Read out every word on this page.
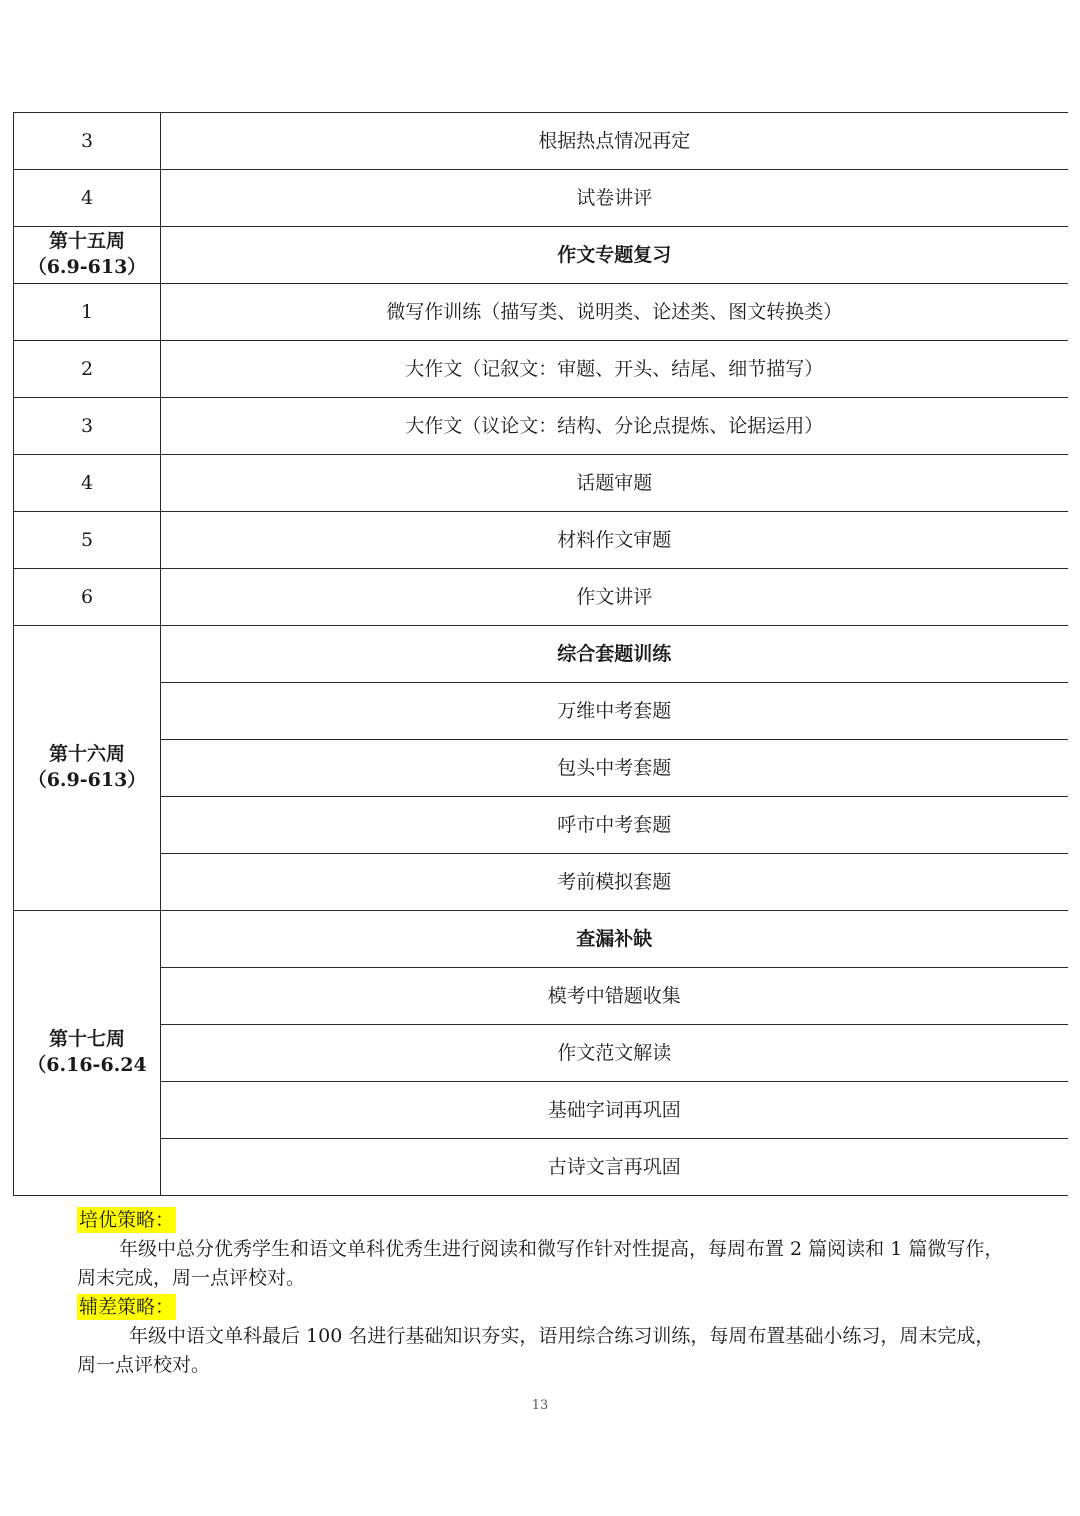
3	根据热点情况再定
4	试卷讲评

第十五周
（6.9-613）	作文专题复习
1	微写作训练（描写类、说明类、论述类、图文转换类）
2	大作文（记叙文：审题、开头、结尾、细节描写）
3	大作文（议论文：结构、分论点提炼、论据运用）
4	话题审题
5	材料作文审题
6	作文讲评

第十六周
（6.9-613）	综合套题训练
	万维中考套题
	包头中考套题
	呼市中考套题
	考前模拟套题

第十七周
（6.16-6.24	查漏补缺
	模考中错题收集
	作文范文解读
	基础字词再巩固
	古诗文言再巩固
培优策略：

年级中总分优秀学生和语文单科优秀生进行阅读和微写作针对性提高，每周布置 2 篇阅读和 1 篇微写作，周末完成，周一点评校对。

辅差策略：

年级中语文单科最后 100 名进行基础知识夯实，语用综合练习训练，每周布置基础小练习，周末完成，周一点评校对。

13
